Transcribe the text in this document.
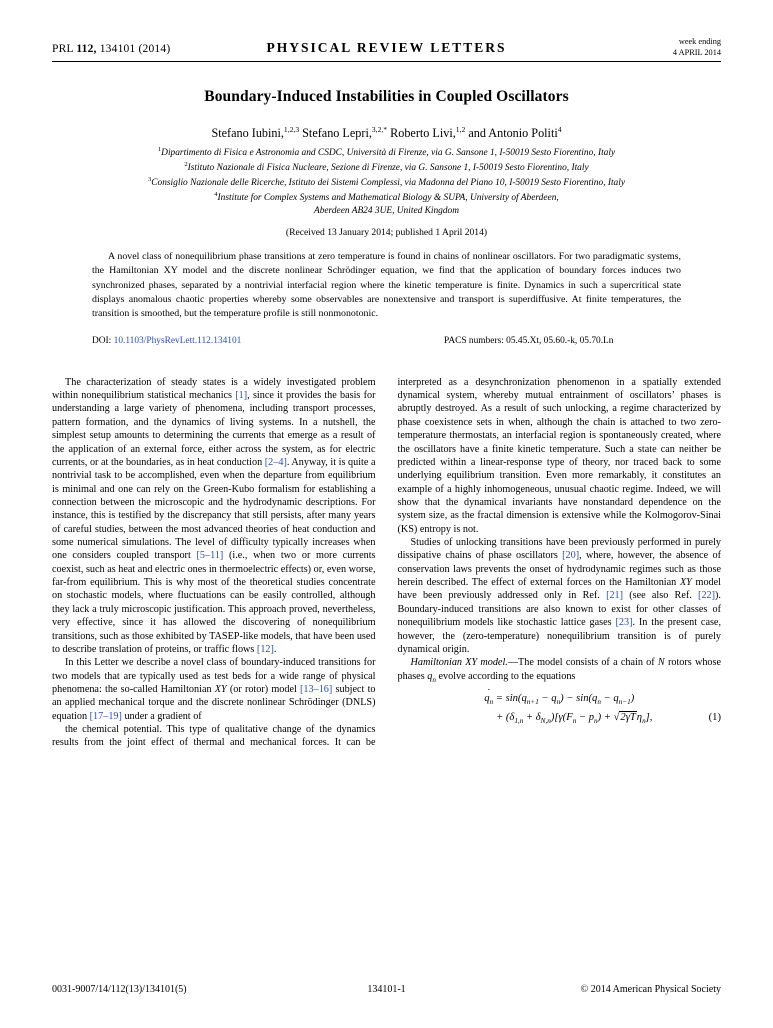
PRL 112, 134101 (2014)	PHYSICAL REVIEW LETTERS	week ending
4 APRIL 2014
Boundary-Induced Instabilities in Coupled Oscillators
Stefano Iubini,$^{1,2,3}$ Stefano Lepri,$^{3,2,*}$ Roberto Livi,$^{1,2}$ and Antonio Politi$^4$
$^1$Dipartimento di Fisica e Astronomia and CSDC, Università di Firenze, via G. Sansone 1, I-50019 Sesto Fiorentino, Italy
$^2$Istituto Nazionale di Fisica Nucleare, Sezione di Firenze, via G. Sansone 1, I-50019 Sesto Fiorentino, Italy
$^3$Consiglio Nazionale delle Ricerche, Istituto dei Sistemi Complessi, via Madonna del Piano 10, I-50019 Sesto Fiorentino, Italy
$^4$Institute for Complex Systems and Mathematical Biology & SUPA, University of Aberdeen,
Aberdeen AB24 3UE, United Kingdom
(Received 13 January 2014; published 1 April 2014)
A novel class of nonequilibrium phase transitions at zero temperature is found in chains of nonlinear oscillators. For two paradigmatic systems, the Hamiltonian XY model and the discrete nonlinear Schrödinger equation, we find that the application of boundary forces induces two synchronized phases, separated by a nontrivial interfacial region where the kinetic temperature is finite. Dynamics in such a supercritical state displays anomalous chaotic properties whereby some observables are nonextensive and transport is superdiffusive. At finite temperatures, the transition is smoothed, but the temperature profile is still nonmonotonic.
DOI: 10.1103/PhysRevLett.112.134101	PACS numbers: 05.45.Xt, 05.60.-k, 05.70.Ln

The characterization of steady states is a widely investigated problem within nonequilibrium statistical mechanics [1], since it provides the basis for understanding a large variety of phenomena, including transport processes, pattern formation, and the dynamics of living systems. In a nutshell, the simplest setup amounts to determining the currents that emerge as a result of the application of an external force, either across the system, as for electric currents, or at the boundaries, as in heat conduction [2–4]. Anyway, it is quite a nontrivial task to be accomplished, even when the departure from equilibrium is minimal and one can rely on the Green-Kubo formalism for establishing a connection between the microscopic and the hydrodynamic descriptions. For instance, this is testified by the discrepancy that still persists, after many years of careful studies, between the most advanced theories of heat conduction and some numerical simulations. The level of difficulty typically increases when one considers coupled transport [5–11] (i.e., when two or more currents coexist, such as heat and electric ones in thermoelectric effects) or, even worse, far-from equilibrium. This is why most of the theoretical studies concentrate on stochastic models, where fluctuations can be easily controlled, although they lack a truly microscopic justification. This approach proved, nevertheless, very effective, since it has allowed the discovering of nonequilibrium transitions, such as those exhibited by TASEP-like models, that have been used to describe translation of proteins, or traffic flows [12].

In this Letter we describe a novel class of boundary-induced transitions for two models that are typically used as test beds for a wide range of physical phenomena: the so-called Hamiltonian XY (or rotor) model [13–16] subject to an applied mechanical torque and the discrete nonlinear Schrödinger (DNLS) equation [17–19] under a gradient of

the chemical potential. This type of qualitative change of the dynamics results from the joint effect of thermal and mechanical forces. It can be interpreted as a desynchronization phenomenon in a spatially extended dynamical system, whereby mutual entrainment of oscillators’ phases is abruptly destroyed. As a result of such unlocking, a regime characterized by phase coexistence sets in when, although the chain is attached to two zero-temperature thermostats, an interfacial region is spontaneously created, where the oscillators have a finite kinetic temperature. Such a state can neither be predicted within a linear-response type of theory, nor traced back to some underlying equilibrium transition. Even more remarkably, it constitutes an example of a highly inhomogeneous, unusual chaotic regime. Indeed, we will show that the dynamical invariants have nonstandard dependence on the system size, as the fractal dimension is extensive while the Kolmogorov-Sinai (KS) entropy is not.

Studies of unlocking transitions have been previously performed in purely dissipative chains of phase oscillators [20], where, however, the absence of conservation laws prevents the onset of hydrodynamic regimes such as those herein described. The effect of external forces on the Hamiltonian XY model have been previously addressed only in Ref. [21] (see also Ref. [22]). Boundary-induced transitions are also known to exist for other classes of nonequilibrium models like stochastic lattice gases [23]. In the present case, however, the (zero-temperature) nonequilibrium transition is of purely dynamical origin.

Hamiltonian XY model.—The model consists of a chain of N rotors whose phases $q_n$ evolve according to the equations

˙ $q_n = \sin(q_{n+1} - q_n) - \sin(q_n - q_{n-1})$
+ $(\delta_{1,n} + \delta_{N,n})[\gamma(F_n - p_n) + √2\gamma T\eta_n]$,	(1)
0031-9007/14/112(13)/134101(5)	134101-1	© 2014 American Physical Society
